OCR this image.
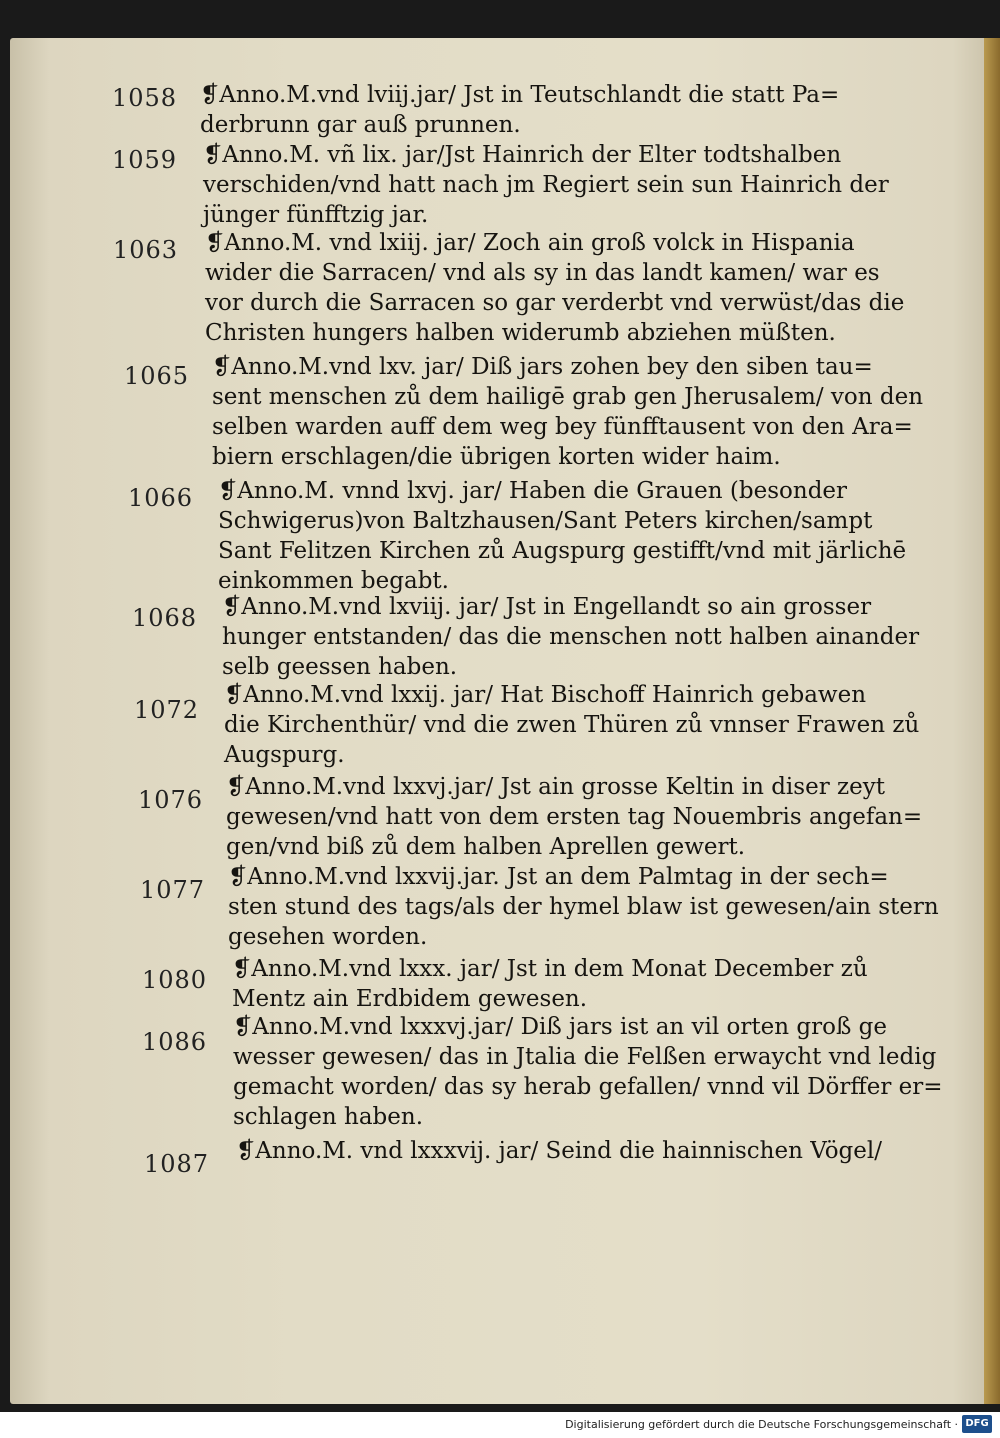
1058 ❡Anno.M.vnd lviij.jar/ Jst in Teutschlandt die statt Pa=
derbrunn gar auß prunnen.
1059 ❡Anno.M. vñ lix. jar/Jst Hainrich der Elter todtshalben
verschiden/vnd hatt nach jm Regiert sein sun Hainrich der
jünger fünfftzig jar.
1063 ❡Anno.M. vnd lxiij. jar/ Zoch ain groß volck in Hispania
wider die Sarracen/ vnd als sy in das landt kamen/ war es
vor durch die Sarracen so gar verderbt vnd verwüst/das die
Christen hungers halben widerumb abziehen müßten.
1065 ❡Anno.M.vnd lxv. jar/ Diß jars zohen bey den siben tau=
sent menschen zů dem hailigē grab gen Jherusalem/ von den
selben warden auff dem weg bey fünfftausent von den Ara=
biern erschlagen/die übrigen korten wider haim.
1066 ❡Anno.M. vnnd lxvj. jar/ Haben die Grauen (besonder
Schwigerus)von Baltzhausen/Sant Peters kirchen/sampt
Sant Felitzen Kirchen zů Augspurg gestifft/vnd mit järlichē
einkommen begabt.
1068 ❡Anno.M.vnd lxviij. jar/ Jst in Engellandt so ain grosser
hunger entstanden/ das die menschen nott halben ainander
selb geessen haben.
1072
❡Anno.M.vnd lxxij. jar/ Hat Bischoff Hainrich gebawen
die Kirchenthür/ vnd die zwen Thüren zů vnnser Frawen zů
Augspurg.
1076 ❡Anno.M.vnd lxxvj.jar/ Jst ain grosse Keltin in diser zeyt
gewesen/vnd hatt von dem ersten tag Nouembris angefan=
gen/vnd biß zů dem halben Aprellen gewert.
1077 ❡Anno.M.vnd lxxvij.jar. Jst an dem Palmtag in der sech=
sten stund des tags/als der hymel blaw ist gewesen/ain stern
gesehen worden.
1080 ❡Anno.M.vnd lxxx. jar/ Jst in dem Monat December zů
Mentz ain Erdbidem gewesen.
1086
❡Anno.M.vnd lxxxvj.jar/ Diß jars ist an vil orten groß ge
wesser gewesen/ das in Jtalia die Felßen erwaycht vnd ledig
gemacht worden/ das sy herab gefallen/ vnnd vil Dörffer er=
schlagen haben.
1087 ❡Anno.M. vnd lxxxvij. jar/ Seind die hainnischen Vögel/
Digitalisierung gefördert durch die Deutsche Forschungsgemeinschaft · DFG
